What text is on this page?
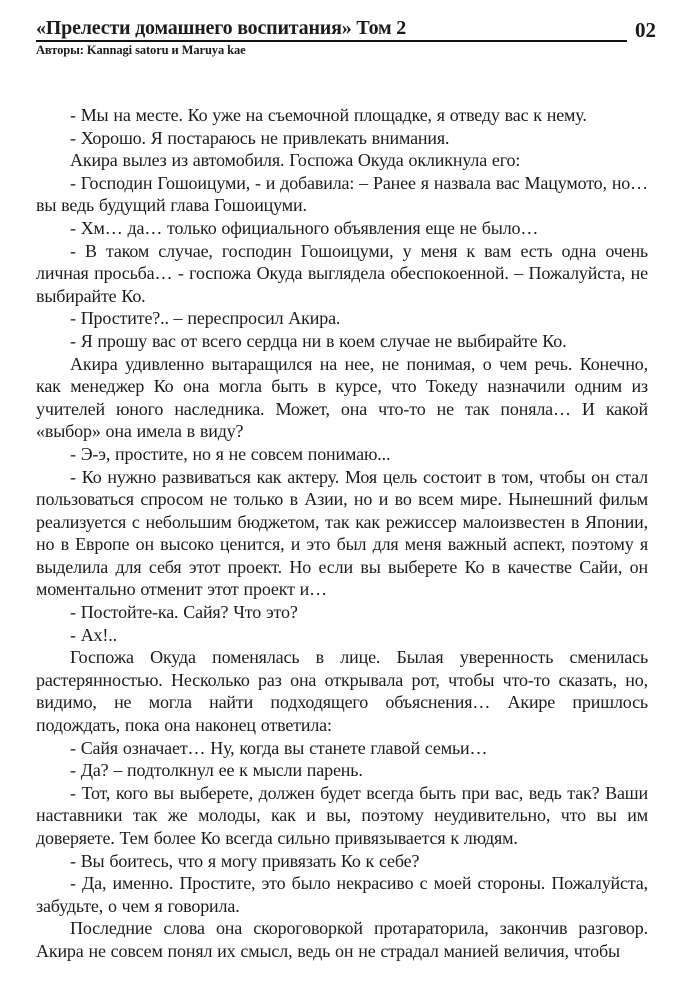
«Прелести домашнего воспитания» Том 2	02
Авторы: Kannagi satoru и Maruya kae

- Мы на месте. Ко уже на съемочной площадке, я отведу вас к нему.

- Хорошо. Я постараюсь не привлекать внимания.

Акира вылез из автомобиля. Госпожа Окуда окликнула его:

- Господин Гошоицуми, - и добавила: – Ранее я назвала вас Мацумото, но… вы ведь будущий глава Гошоицуми.

- Хм… да… только официального объявления еще не было…

- В таком случае, господин Гошоицуми, у меня к вам есть одна очень личная просьба… - госпожа Окуда выглядела обеспокоенной. – Пожалуйста, не выбирайте Ко.

- Простите?.. – переспросил Акира.

- Я прошу вас от всего сердца ни в коем случае не выбирайте Ко.

Акира удивленно вытаращился на нее, не понимая, о чем речь. Конечно, как менеджер Ко она могла быть в курсе, что Токеду назначили одним из учителей юного наследника. Может, она что-то не так поняла… И какой «выбор» она имела в виду?

- Э-э, простите, но я не совсем понимаю...

- Ко нужно развиваться как актеру. Моя цель состоит в том, чтобы он стал пользоваться спросом не только в Азии, но и во всем мире. Нынешний фильм реализуется с небольшим бюджетом, так как режиссер малоизвестен в Японии, но в Европе он высоко ценится, и это был для меня важный аспект, поэтому я выделила для себя этот проект. Но если вы выберете Ко в качестве Сайи, он моментально отменит этот проект и…

- Постойте-ка. Сайя? Что это?

- Ах!..

Госпожа Окуда поменялась в лице. Былая уверенность сменилась растерянностью. Несколько раз она открывала рот, чтобы что-то сказать, но, видимо, не могла найти подходящего объяснения… Акире пришлось подождать, пока она наконец ответила:

- Сайя означает… Ну, когда вы станете главой семьи…

- Да? – подтолкнул ее к мысли парень.

- Тот, кого вы выберете, должен будет всегда быть при вас, ведь так? Ваши наставники так же молоды, как и вы, поэтому неудивительно, что вы им доверяете. Тем более Ко всегда сильно привязывается к людям.

- Вы боитесь, что я могу привязать Ко к себе?

- Да, именно. Простите, это было некрасиво с моей стороны. Пожалуйста, забудьте, о чем я говорила.

Последние слова она скороговоркой протараторила, закончив разговор. Акира не совсем понял их смысл, ведь он не страдал манией величия, чтобы
